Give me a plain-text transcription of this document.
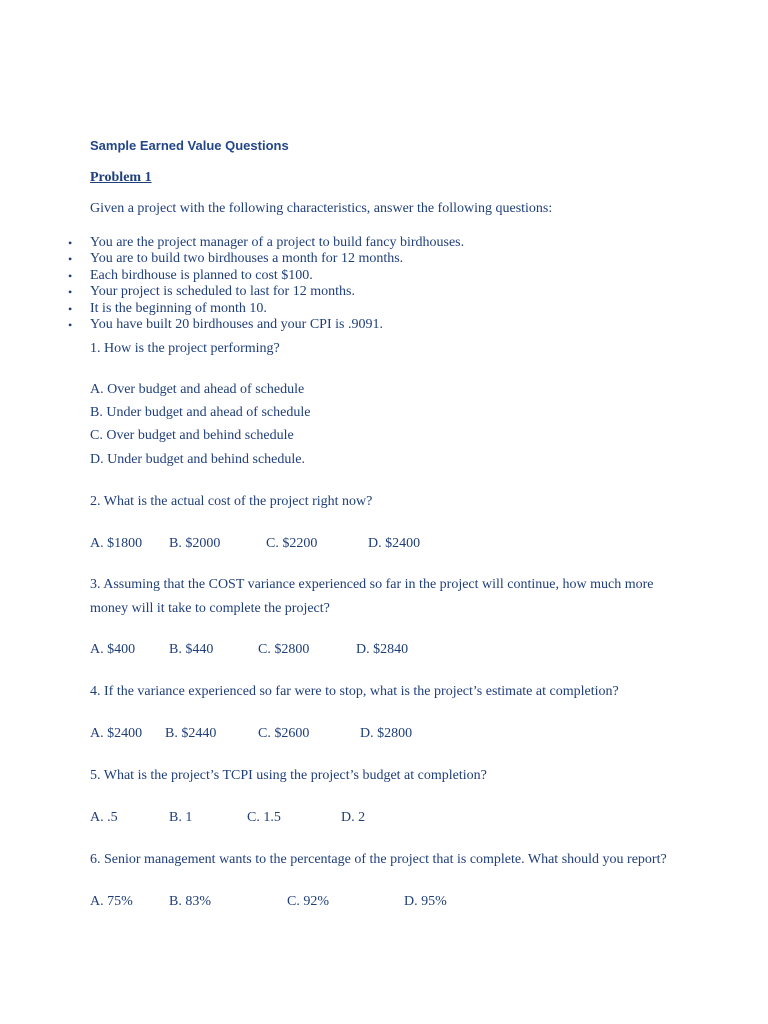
Sample Earned Value Questions
Problem 1
Given a project with the following characteristics, answer the following questions:
• You are the project manager of a project to build fancy birdhouses.
• You are to build two birdhouses a month for 12 months.
• Each birdhouse is planned to cost $100.
• Your project is scheduled to last for 12 months.
• It is the beginning of month 10.
• You have built 20 birdhouses and your CPI is .9091.
1. How is the project performing?
A. Over budget and ahead of schedule
B. Under budget and ahead of schedule
C. Over budget and behind schedule
D. Under budget and behind schedule.
2. What is the actual cost of the project right now?
A. $1800 B. $2000	C. $2200	D. $2400
3. Assuming that the COST variance experienced so far in the project will continue, how much more money will it take to complete the project?
A. $400 B. $440	C. $2800	D. $2840
4. If the variance experienced so far were to stop, what is the project’s estimate at completion?
A. $2400 B. $2440	C. $2600	D. $2800
5. What is the project’s TCPI using the project’s budget at completion?
A. .5	B. 1	C. 1.5	D. 2
6. Senior management wants to the percentage of the project that is complete. What should you report?
A. 75%	B. 83%	C. 92%	D. 95%
